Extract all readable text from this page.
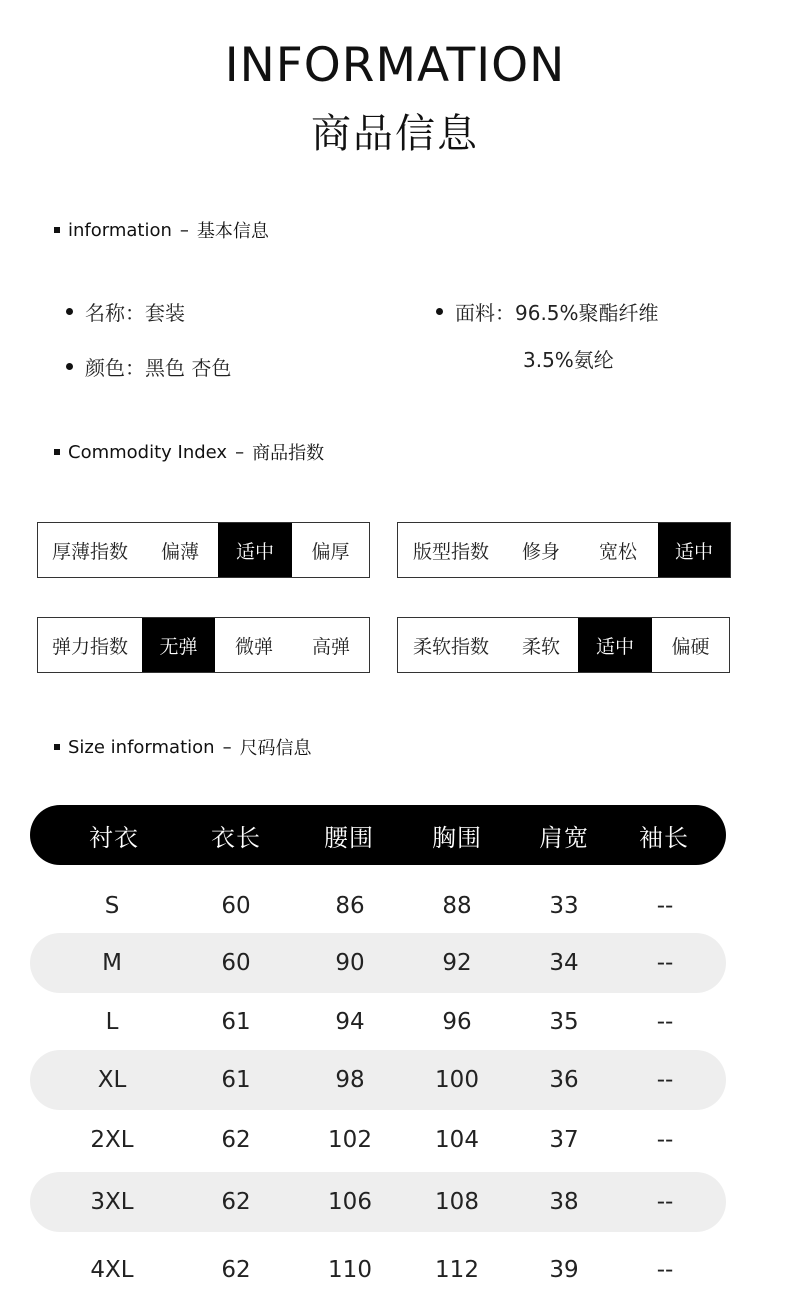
INFORMATION
商品信息
information – 基本信息
名称：套装
颜色：黑色 杏色
面料：96.5%聚酯纤维
3.5%氨纶
Commodity Index – 商品指数
厚薄指数	偏薄	适中	偏厚	版型指数	修身	宽松	适中
弹力指数	无弹	微弹	高弹	柔软指数	柔软	适中	偏硬
Size information – 尺码信息
衬衣	衣长	腰围	胸围	肩宽	袖长
S	60	86	88	33	--
M	60	90	92	34	--
L	61	94	96	35	--
XL	61	98	100	36	--
2XL	62	102	104	37	--
3XL	62	106	108	38	--
4XL	62	110	112	39	--
